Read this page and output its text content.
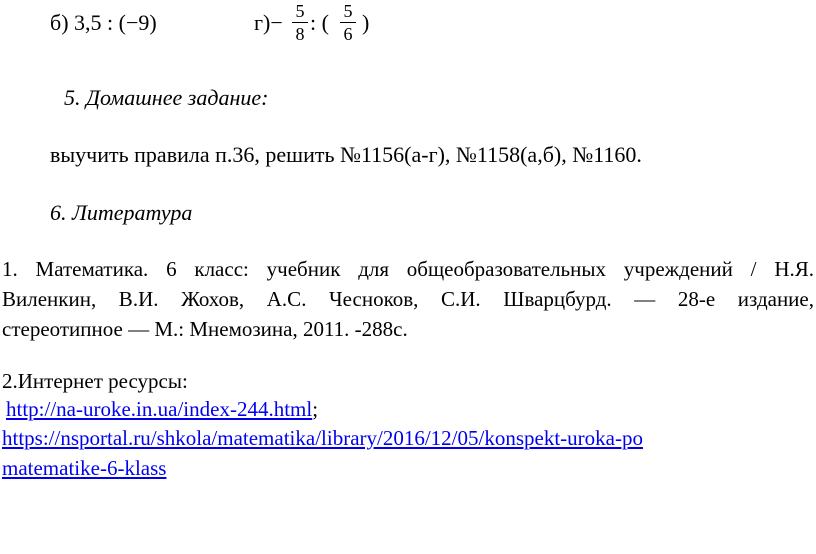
б) 3,5 : (−9)	г)− 5
8 : ( 5
6 )
5. Домашнее задание:
выучить правила п.36, решить №1156(а-г), №1158(а,б), №1160.
6. Литература
1. Математика. 6 класс: учебник для общеобразовательных учреждений / Н.Я.
Виленкин, В.И. Жохов, А.С. Чесноков, С.И. Шварцбурд. — 28-е издание,
стереотипное — М.: Мнемозина, 2011. -288с.
2.Интернет ресурсы:
http://na-uroke.in.ua/index-244.html;
https://nsportal.ru/shkola/matematika/library/2016/12/05/konspekt-uroka-po
matematike-6-klass
